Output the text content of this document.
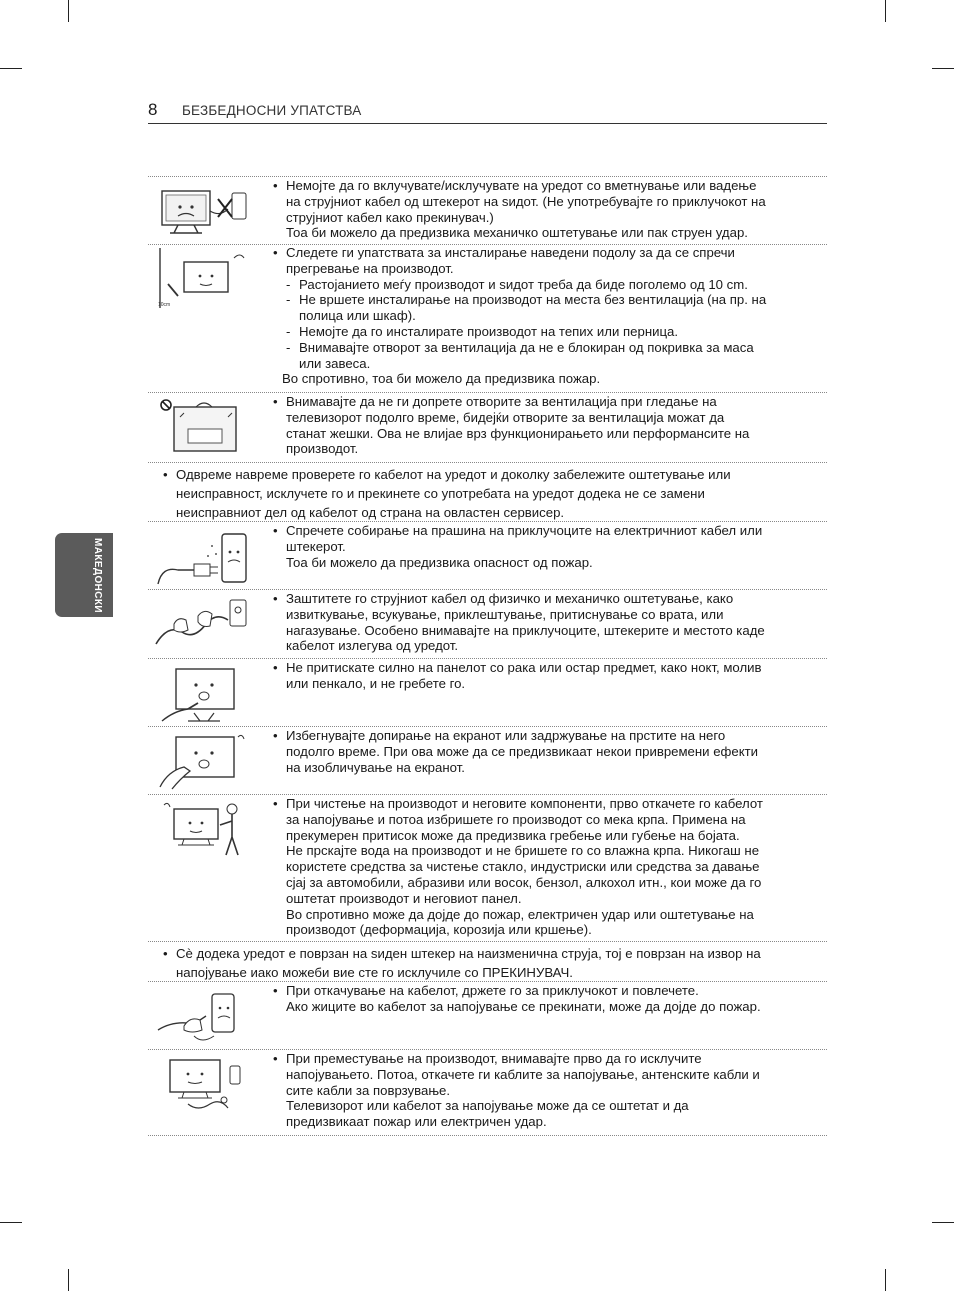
8 БЕЗБЕДНОСНИ УПАТСТВА
МАКЕДОНСКИ
• Немојте да го вклучувате/исклучувате на уредот со вметнување или вадење
на струјниот кабел од штекерот на ѕидот. (Не употребувајте го приклучокот на
струјниот кабел како прекинувач.)
Тоа би можело да предизвика механичко оштетување или пак струен удар.
10cm
• Следете ги упатствата за инсталирање наведени подолу за да се спречи
прегревање на производот.
- Растојанието меѓу производот и ѕидот треба да биде поголемо од 10 cm.
- Не вршете инсталирање на производот на места без вентилација (на пр. на
полица или шкаф).
- Немојте да го инсталирате производот на тепих или перница.
- Внимавајте отворот за вентилација да не е блокиран од покривка за маса
или завеса.
Во спротивно, тоа би можело да предизвика пожар.
• Внимавајте да не ги допрете отворите за вентилација при гледање на
телевизорот подолго време, бидејќи отворите за вентилација можат да
станат жешки. Ова не влијае врз функционирањето или перформансите на
производот.
• Одвреме навреме проверете го кабелот на уредот и доколку забележите оштетување или
неисправност, исклучете го и прекинете со употребата на уредот додека не се замени
неисправниот дел од кабелот од страна на овластен сервисер.
• Спречете собирање на прашина на приклучоците на електричниот кабел или
штекерот.
Тоа би можело да предизвика опасност од пожар.
• Заштитете го струјниот кабел од физичко и механичко оштетување, како
извиткување, всукување, приклештување, притиснување со врата, или
нагазување. Особено внимавајте на приклучоците, штекерите и местото каде
кабелот излегува од уредот.
• Не притискате силно на панелот со рака или остар предмет, како нокт, молив
или пенкало, и не гребете го.
• Избегнувајте допирање на екранот или задржување на прстите на него
подолго време. При ова може да се предизвикаат некои привремени ефекти
на изобличување на екранот.
• При чистење на производот и неговите компоненти, прво откачете го кабелот
за напојување и потоа избришете го производот со мека крпа. Примена на
прекумерен притисок може да предизвика гребење или губење на бојата.
Не прскајте вода на производот и не бришете го со влажна крпа. Никогаш не
користете средства за чистење стакло, индустриски или средства за давање
сјај за автомобили, абразиви или восок, бензол, алкохол итн., кои може да го
оштетат производот и неговиот панел.
Во спротивно може да дојде до пожар, електричен удар или оштетување на
производот (деформација, корозија или кршење).
• Сè додека уредот е поврзан на ѕиден штекер на наизменична струја, тој е поврзан на извор на
напојување иако можеби вие сте го исклучиле со ПРЕКИНУВАЧ.
• При откачување на кабелот, држете го за приклучокот и повлечете.
Ако жиците во кабелот за напојување се прекинати, може да дојде до пожар.
• При преместување на производот, внимавајте прво да го исклучите
напојувањето. Потоа, откачете ги каблите за напојување, антенските кабли и
сите кабли за поврзување.
Телевизорот или кабелот за напојување може да се оштетат и да
предизвикаат пожар или електричен удар.
